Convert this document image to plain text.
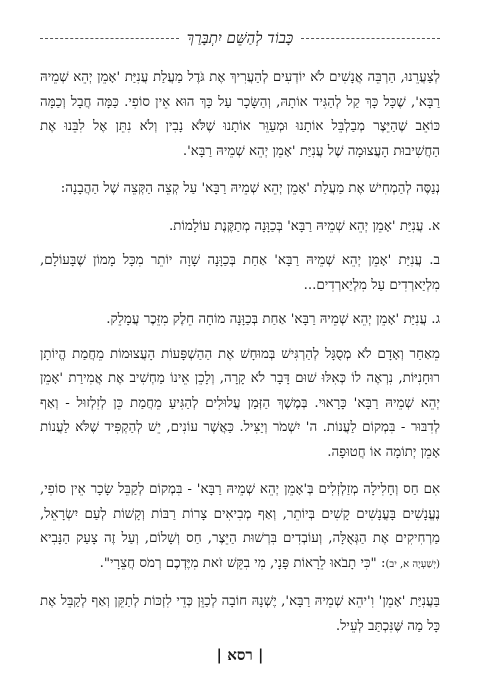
כָּבוֹד לְהַשֵּׁם יִתְבָּרַךְ

לְצַעֲרֵנוּ, הַרְבֵּה אֲנָשִׁים לֹא יוֹדְעִים לְהַעֲרִיךְ אֶת גֹּדֶל מַעֲלַת עֲנִיַּת 'אָמֵן יְהֵא שְׁמֵיהּ רַבָּא', שֶׁכָּל כָּךְ קַל לְהַגִּיד אוֹתָהּ, וְהַשָּׂכָר עַל כָּךְ הוּא אֵין סוֹפִי. כַּמָּה חֲבָל וְכַמָּה כּוֹאֵב שֶׁהַיֵּצֶר מְבַלְבֵּל אוֹתָנוּ וּמְעַוֵּר אוֹתָנוּ שֶׁלֹּא נָבִין וְלֹא נִתֵּן אֶל לִבֵּנוּ אֶת הַחֲשִׁיבוּת הָעֲצוּמָה שֶׁל עֲנִיַּת 'אָמֵן יְהֵא שְׁמֵיהּ רַבָּא'.

נְנַסֶּה לְהַמְחִישׁ אֶת מַעֲלַת 'אָמֵן יְהֵא שְׁמֵיהּ רַבָּא' עַל קְצֵה הַקְּצֵה שֶׁל הַהֲבָנָה:

א. עֲנִיַּת 'אָמֵן יְהֵא שְׁמֵיהּ רַבָּא' בְּכַוָּנָה מְתַקֶּנֶת עוֹלָמוֹת.

ב. עֲנִיַּת 'אָמֵן יְהֵא שְׁמֵיהּ רַבָּא' אַחַת בְּכַוָּנָה שָׁוָה יוֹתֵר מִכָּל מָמוֹן שֶׁבָּעוֹלָם, מִלְיַארְדִים עַל מִלְיַארְדִים...

ג. עֲנִיַּת 'אָמֵן יְהֵא שְׁמֵיהּ רַבָּא' אַחַת בְּכַוָּנָה מוֹחָה חֵלֶק מִזֵּכֶר עֲמָלֵק.

מֵאַחַר וְאָדָם לֹא מְסֻגָּל לְהַרְגִּישׁ בְּמוּחָשׁ אֶת הַהַשְׁפָּעוֹת הָעֲצוּמוֹת מֵחֲמַת הֱיוֹתָן רוּחָנִיּוֹת, נִרְאֶה לוֹ כְּאִלּוּ שׁוּם דָּבָר לֹא קָרָה, וְלָכֵן אֵינוֹ מַחְשִׁיב אֶת אֲמִירַת 'אָמֵן יְהֵא שְׁמֵיהּ רַבָּא' כָּרָאוּי. בְּמֶשֶׁךְ הַזְּמַן עֲלוּלִים לְהַגִּיעַ מֵחֲמַת כֵּן לְזִלְזוּל - וְאַף לְדִבּוּר - בִּמְקוֹם לַעֲנוֹת. ה' יִשְׁמֹר וְיַצִּיל. כַּאֲשֶׁר עוֹנִים, יֵשׁ לְהַקְפִּיד שֶׁלֹּא לַעֲנוֹת אָמֵן יְתוֹמָה אוֹ חֲטוּפָה.

אִם חַס וְחָלִילָה מְזַלְזְלִים בְּ'אָמֵן יְהֵא שְׁמֵיהּ רַבָּא' - בִּמְקוֹם לְקַבֵּל שָׂכָר אֵין סוֹפִי, נֶעֱנָשִׁים בָּעֳנָשִׁים קָשִׁים בְּיוֹתֵר, וְאַף מְבִיאִים צָרוֹת רַבּוֹת וְקָשׁוֹת לְעַם יִשְׂרָאֵל, מַרְחִיקִים אֶת הַגְּאֻלָּה, וְעוֹבְדִים בִּרְשׁוּת הַיֵּצֶר, חַס וְשָׁלוֹם, וְעַל זֶה צָעַק הַנָּבִיא (יְשַׁעְיָה א, יב): "כִּי תָבֹאוּ לֵרָאוֹת פָּנָי, מִי בִקֵּשׁ זֹאת מִיֶּדְכֶם רְמֹס חֲצֵרָי".

בַּעֲנִיַּת 'אָמֵן' וִ'יהֵא שְׁמֵיהּ רַבָּא', יֶשְׁנָהּ חוֹבָה לְכַוֵּן כְּדֵי לִזְכּוֹת לְתַקֵּן וְאַף לְקַבֵּל אֶת כָּל מַה שֶּׁנִּכְתַּב לְעֵיל.

| רסא |
